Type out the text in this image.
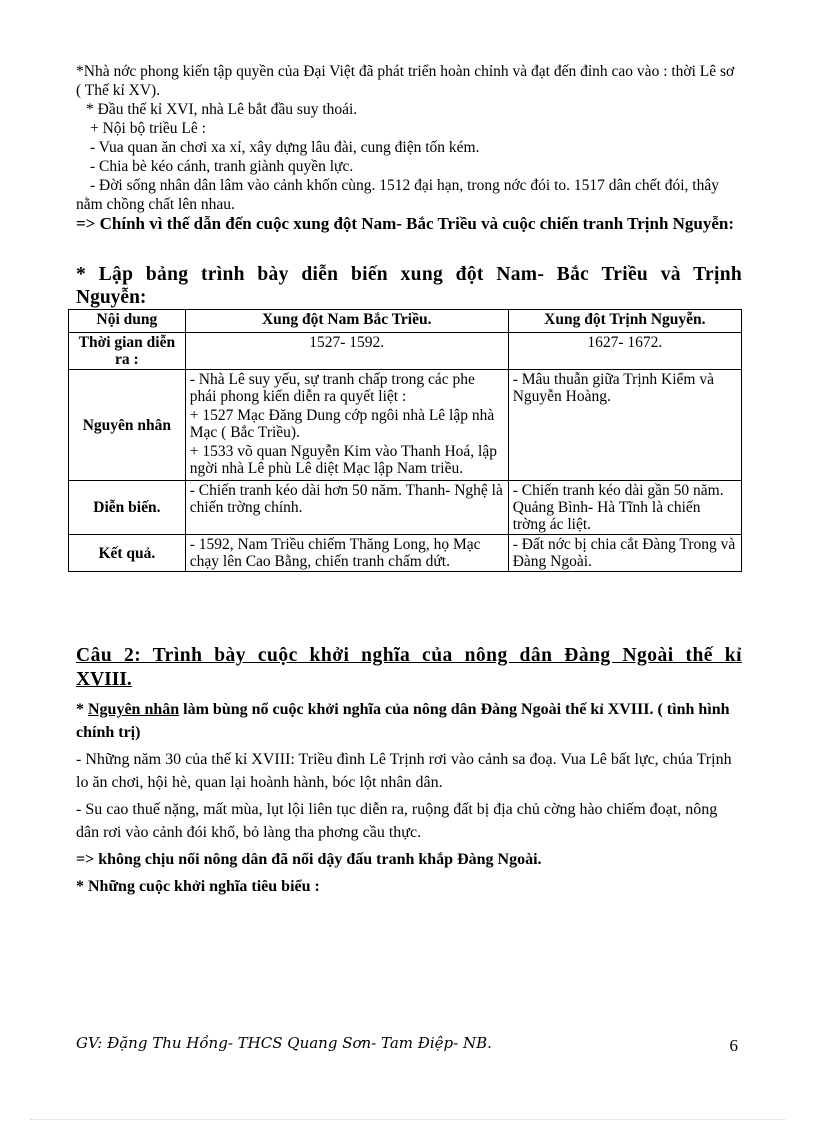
*Nhà nớc phong kiến tập quyền của Đại Việt đã phát triển hoàn chỉnh và đạt đến đỉnh cao vào : thời Lê sơ ( Thế kỉ XV).

* Đầu thế kỉ XVI, nhà Lê bắt đầu suy thoái.

+ Nội bộ triều Lê :

- Vua quan ăn chơi xa xỉ, xây dựng lâu đài, cung điện tốn kém.

- Chia bè kéo cánh, tranh giành quyền lực.

- Đời sống nhân dân lâm vào cảnh khốn cùng. 1512 đại hạn, trong nớc đói to. 1517 dân chết đói, thây nằm chồng chất lên nhau.

=> Chính vì thế dẫn đến cuộc xung đột Nam- Bắc Triều và cuộc chiến tranh Trịnh Nguyễn:

* Lập bảng trình bày diễn biến xung đột Nam- Bắc Triều và Trịnh

Nguyễn:

Nội dung	Xung đột Nam Bắc Triều.	Xung đột Trịnh Nguyễn.
Thời gian diễn ra :	1527- 1592.	1627- 1672.
Nguyên nhân	- Nhà Lê suy yếu, sự tranh chấp trong các phe phái phong kiến diễn ra quyết liệt :
+ 1527 Mạc Đăng Dung cớp ngôi nhà Lê lập nhà Mạc ( Bắc Triều).
+ 1533 võ quan Nguyễn Kim vào Thanh Hoá, lập ngời nhà Lê phù Lê diệt Mạc lập Nam triều.	- Mâu thuẫn giữa Trịnh Kiểm và Nguyễn Hoàng.
Diễn biến.	- Chiến tranh kéo dài hơn 50 năm. Thanh- Nghệ là chiến trờng chính.	- Chiến tranh kéo dài gần 50 năm. Quảng Bình- Hà Tĩnh là chiến trờng ác liệt.
Kết quả.	- 1592, Nam Triều chiếm Thăng Long, họ Mạc chạy lên Cao Bằng, chiến tranh chấm dứt.	- Đất nớc bị chia cắt Đàng Trong và Đàng Ngoài.

Câu 2: Trình bày cuộc khởi nghĩa của nông dân Đàng Ngoài thế kỉ

XVIII.

* Nguyên nhân làm bùng nổ cuộc khởi nghĩa của nông dân Đàng Ngoài thế kỉ XVIII. ( tình hình chính trị)

- Những năm 30 của thế kỉ XVIII: Triều đình Lê Trịnh rơi vào cảnh sa đoạ. Vua Lê bất lực, chúa Trịnh lo ăn chơi, hội hè, quan lại hoành hành, bóc lột nhân dân.

- Su cao thuế nặng, mất mùa, lụt lội liên tục diễn ra, ruộng đất bị địa chủ cờng hào chiếm đoạt, nông dân rơi vào cảnh đói khổ, bỏ làng tha phơng cầu thực.

=> không chịu nổi nông dân đã nổi dậy đấu tranh khắp Đàng Ngoài.

* Những cuộc khởi nghĩa tiêu biểu :

GV: Đặng Thu Hồng- THCS Quang Sơn- Tam Điệp- NB.	6
